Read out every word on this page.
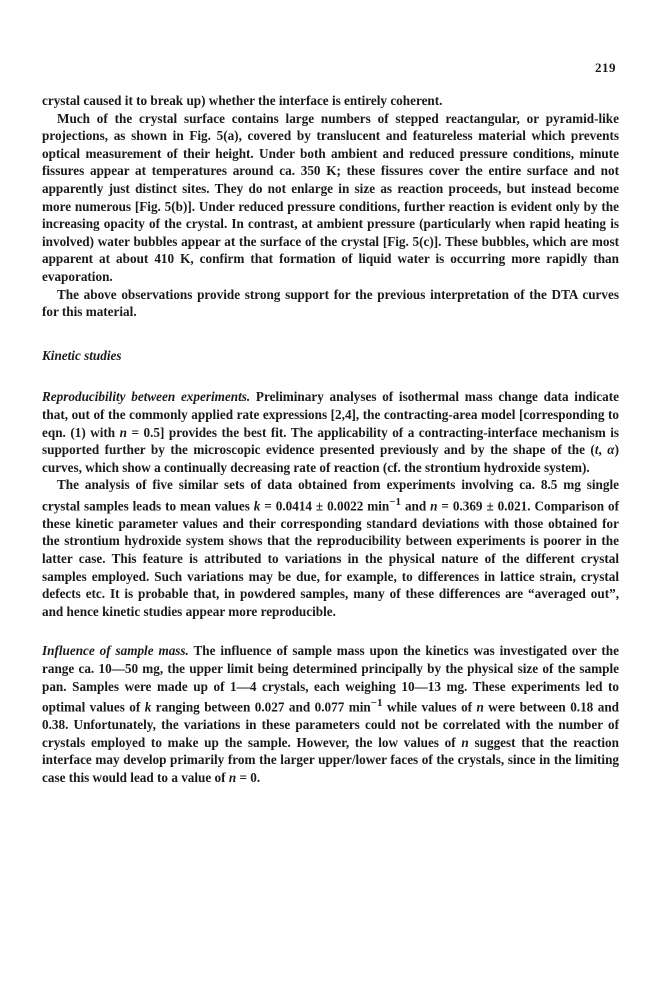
219

crystal caused it to break up) whether the interface is entirely coherent.

Much of the crystal surface contains large numbers of stepped reactangular, or pyramid-like projections, as shown in Fig. 5(a), covered by translucent and featureless material which prevents optical measurement of their height. Under both ambient and reduced pressure conditions, minute fissures appear at temperatures around ca. 350 K; these fissures cover the entire surface and not apparently just distinct sites. They do not enlarge in size as reaction proceeds, but instead become more numerous [Fig. 5(b)]. Under reduced pressure conditions, further reaction is evident only by the increasing opacity of the crystal. In contrast, at ambient pressure (particularly when rapid heating is involved) water bubbles appear at the surface of the crystal [Fig. 5(c)]. These bubbles, which are most apparent at about 410 K, confirm that formation of liquid water is occurring more rapidly than evaporation.

The above observations provide strong support for the previous interpretation of the DTA curves for this material.

Kinetic studies

Reproducibility between experiments. Preliminary analyses of isothermal mass change data indicate that, out of the commonly applied rate expressions [2,4], the contracting-area model [corresponding to eqn. (1) with n = 0.5] provides the best fit. The applicability of a contracting-interface mechanism is supported further by the microscopic evidence presented previously and by the shape of the (t, α) curves, which show a continually decreasing rate of reaction (cf. the strontium hydroxide system).

The analysis of five similar sets of data obtained from experiments involving ca. 8.5 mg single crystal samples leads to mean values k = 0.0414 ± 0.0022 $\min^{-1}$ and n = 0.369 ± 0.021. Comparison of these kinetic parameter values and their corresponding standard deviations with those obtained for the strontium hydroxide system shows that the reproducibility between experiments is poorer in the latter case. This feature is attributed to variations in the physical nature of the different crystal samples employed. Such variations may be due, for example, to differences in lattice strain, crystal defects etc. It is probable that, in powdered samples, many of these differences are “averaged out”, and hence kinetic studies appear more reproducible.

Influence of sample mass. The influence of sample mass upon the kinetics was investigated over the range ca. 10—50 mg, the upper limit being determined principally by the physical size of the sample pan. Samples were made up of 1—4 crystals, each weighing 10—13 mg. These experiments led to optimal values of k ranging between 0.027 and 0.077 $\min^{-1}$ while values of n were between 0.18 and 0.38. Unfortunately, the variations in these parameters could not be correlated with the number of crystals employed to make up the sample. However, the low values of n suggest that the reaction interface may develop primarily from the larger upper/lower faces of the crystals, since in the limiting case this would lead to a value of n = 0.
